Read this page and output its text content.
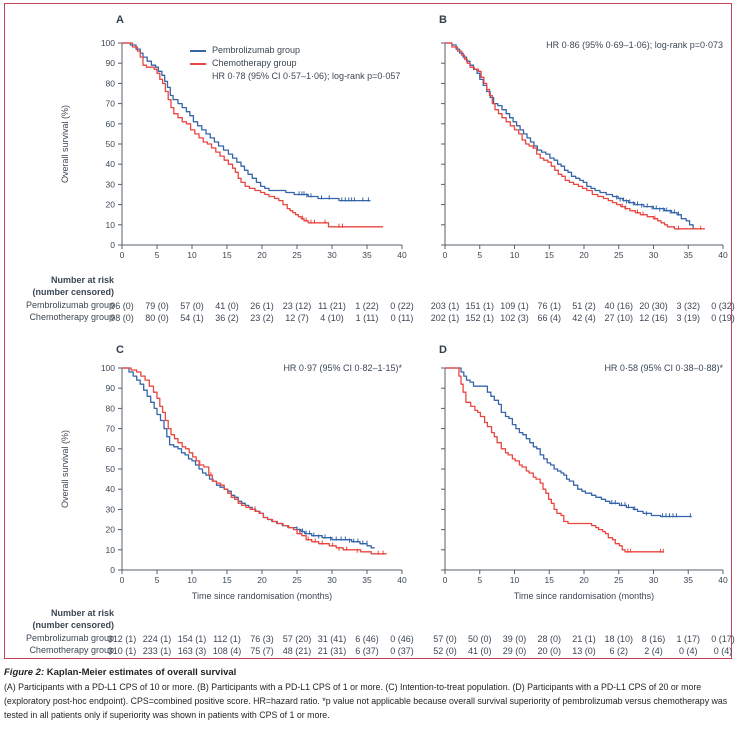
0
10
20
30
40
50
60
70
80
90
100
0	5	10	15	20	25	30	35	40
96 (0) 79 (0) 57 (0) 41 (0) 26 (1) 23 (12) 11 (21) 1 (22) 0 (22)
98 (0) 80 (0) 54 (1) 36 (2) 23 (2) 12 (7) 4 (10) 1 (11) 0 (11)
0	5	10	15	20	25	30	35	40
203 (1) 151 (1) 109 (1) 76 (1) 51 (2) 40 (16) 20 (30) 3 (32) 0 (32)
202 (1) 152 (1) 102 (3) 66 (4) 42 (4) 27 (10) 12 (16) 3 (19) 0 (19)
0
10
20
30
40
50
60
70
80
90
100
0	5	10	15	20	25	30	35	40
312 (1) 224 (1) 154 (1) 112 (1) 76 (3) 57 (20) 31 (41) 6 (46) 0 (46)
310 (1) 233 (1) 163 (3) 108 (4) 75 (7) 48 (21) 21 (31) 6 (37) 0 (37)
0	5	10	15	20	25	30	35	40
57 (0) 50 (0) 39 (0) 28 (0) 21 (1) 18 (10) 8 (16) 1 (17) 0 (17)
52 (0) 41 (0) 29 (0) 20 (0) 13 (0) 6 (2) 2 (4) 0 (4) 0 (4)
A	B
C	D
Pembrolizumab group
Chemotherapy group
HR 0·78 (95% CI 0·57–1·06); log-rank p=0·057
HR 0·86 (95% 0·69–1·06); log-rank p=0·073
HR 0·97 (95% CI 0·82–1·15)*	HR 0·58 (95% CI 0·38–0·88)*
Overall survival (%)
Overall survival (%)
Time since randomisation (months)	Time since randomisation (months)
Number at risk
(number censored)
Pembrolizumab group
Chemotherapy group
Number at risk
(number censored)
Pembrolizumab group
Chemotherapy group
Figure 2: Kaplan-Meier estimates of overall survival
(A) Participants with a PD-L1 CPS of 10 or more. (B) Participants with a PD-L1 CPS of 1 or more. (C) Intention-to-treat population. (D) Participants with a PD-L1 CPS of 20 or more (exploratory post-hoc endpoint). CPS=combined positive score. HR=hazard ratio. *p value not applicable because overall survival superiority of pembrolizumab versus chemotherapy was tested in all patients only if superiority was shown in patients with CPS of 1 or more.
